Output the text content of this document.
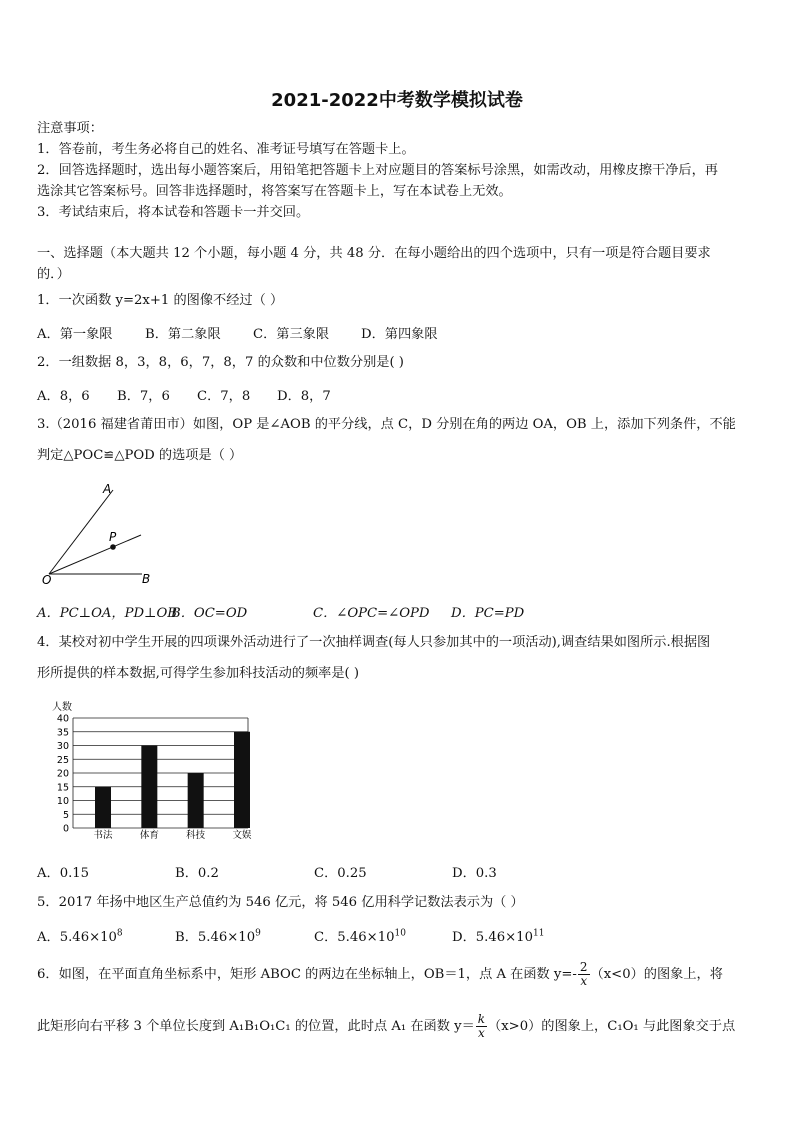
2021-2022中考数学模拟试卷
注意事项：
1．答卷前，考生务必将自己的姓名、准考证号填写在答题卡上。
2．回答选择题时，选出每小题答案后，用铅笔把答题卡上对应题目的答案标号涂黑，如需改动，用橡皮擦干净后，再
选涂其它答案标号。回答非选择题时，将答案写在答题卡上，写在本试卷上无效。
3．考试结束后，将本试卷和答题卡一并交回。
一、选择题（本大题共 12 个小题，每小题 4 分，共 48 分．在每小题给出的四个选项中，只有一项是符合题目要求
的．）
1．一次函数 y=2x+1 的图像不经过（ ）
A．第一象限 B．第二象限 C．第三象限 D．第四象限
2．一组数据 8，3，8，6，7，8，7 的众数和中位数分别是( )
A．8，6 B．7，6 C．7，8 D．8，7
3.（2016 福建省莆田市）如图，OP 是∠AOB 的平分线，点 C，D 分别在角的两边 OA，OB 上，添加下列条件，不能
判定△POC≌△POD 的选项是（ ）
A
P
O	B
A．PC⊥OA，PD⊥OB
B．OC=OD	C．∠OPC=∠OPD D．PC=PD
4．某校对初中学生开展的四项课外活动进行了一次抽样调查(每人只参加其中的一项活动),调查结果如图所示.根据图
形所提供的样本数据,可得学生参加科技活动的频率是( )
0
5
10
15
20
25
30
35
40
书法	体育	科技	文娱
人数
A．0.15	B．0.2	C．0.25	D．0.3
5．2017 年扬中地区生产总值约为 546 亿元，将 546 亿用科学记数法表示为（ ）
A．$5.46\times 10^8$	B．$5.46\times 10^9$	C．$5.46\times 10^{10}$	D．$5.46\times 10^{11}$
6．如图，在平面直角坐标系中，矩形 ABOC 的两边在坐标轴上，OB＝1，点 A 在函数 $y=- \frac{2}{x} (x<0)$的图象上，将
此矩形向右平移 3 个单位长度到 A₁B₁O₁C₁ 的位置，此时点 A₁ 在函数 $y= \frac{k}{x} (x>0)$的图象上，C₁O₁ 与此图象交于点
